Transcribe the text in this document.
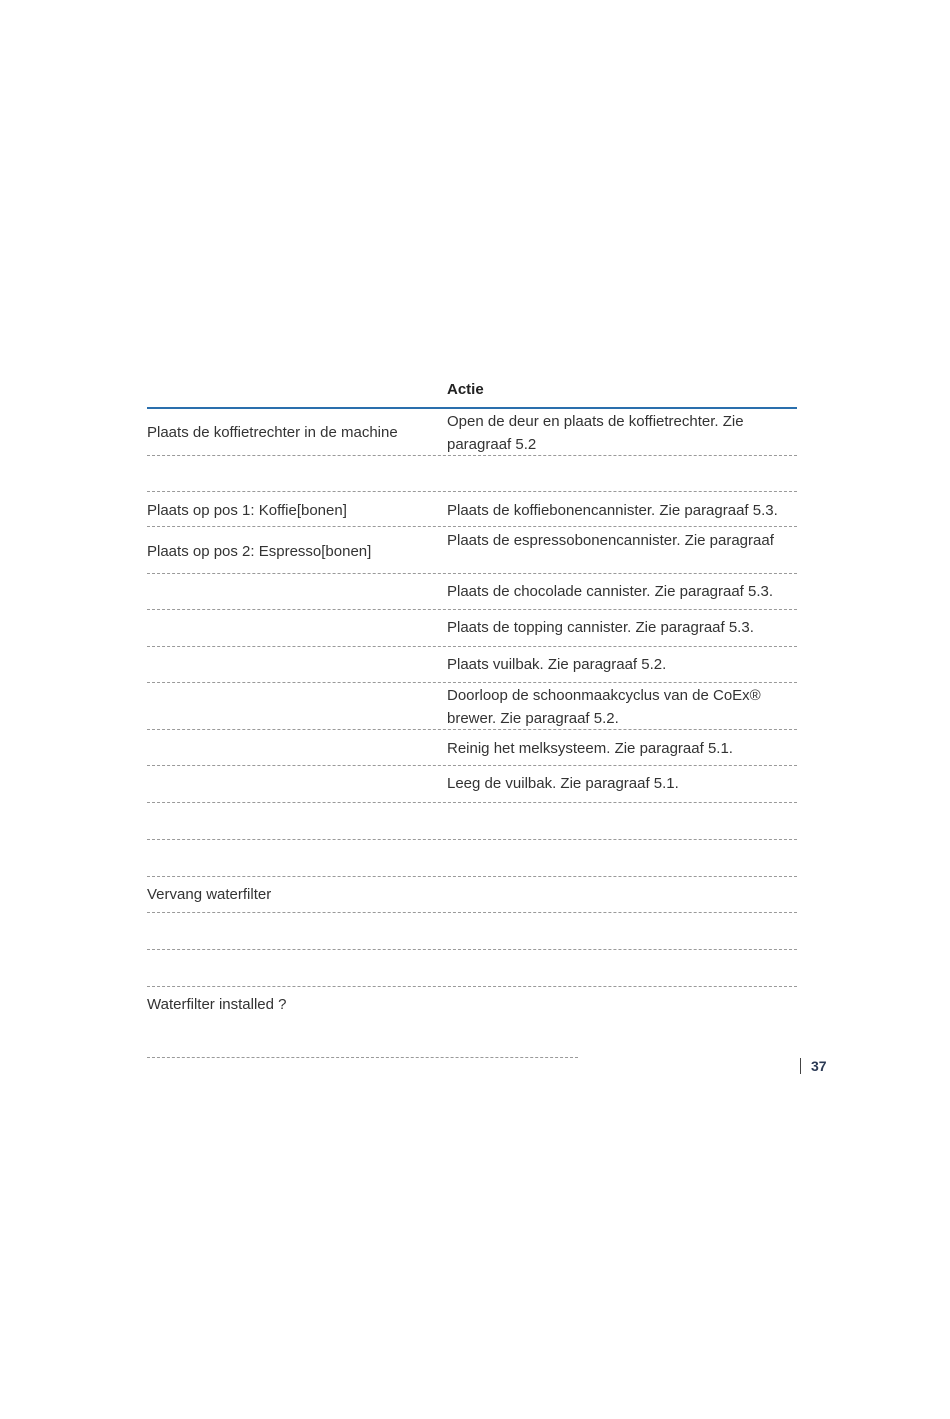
Actie
Plaats de koffietrechter in de machine
Open de deur en plaats de koffietrechter. Zie paragraaf 5.2
Plaats op pos 1: Koffie[bonen]	Plaats de koffiebonencannister. Zie paragraaf 5.3.
Plaats op pos 2: Espresso[bonen]
Plaats de espressobonencannister. Zie paragraaf
Plaats de chocolade cannister. Zie paragraaf 5.3.
Plaats de topping cannister. Zie paragraaf 5.3.
Plaats vuilbak. Zie paragraaf 5.2.
Doorloop de schoonmaakcyclus van de CoEx® brewer. Zie paragraaf 5.2.
Reinig het melksysteem. Zie paragraaf 5.1.
Leeg de vuilbak. Zie paragraaf 5.1.
Vervang waterfilter
Waterfilter installed ?
37
